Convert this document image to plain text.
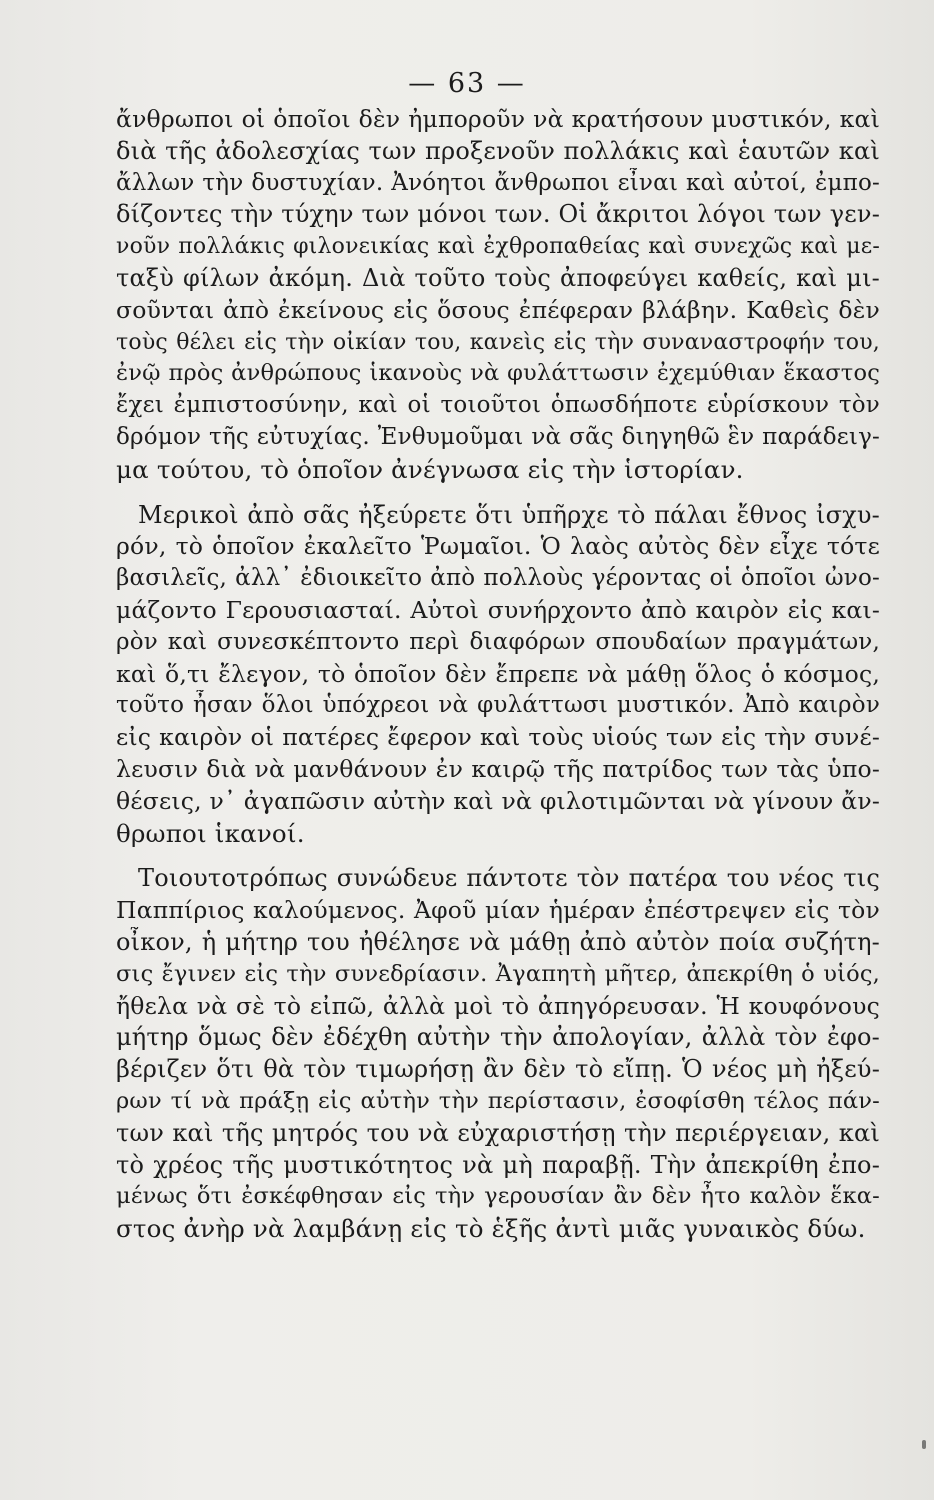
— 63 —
ἄνθρωποι οἱ ὁποῖοι δὲν ἠμποροῦν νὰ κρατήσουν μυστικόν, καὶ
διὰ τῆς ἀδολεσχίας των προξενοῦν πολλάκις καὶ ἑαυτῶν καὶ
ἄλλων τὴν δυστυχίαν. Ἀνόητοι ἄνθρωποι εἶναι καὶ αὐτοί, ἐμπο-
δίζοντες τὴν τύχην των μόνοι των. Οἱ ἄκριτοι λόγοι των γεν-
νοῦν πολλάκις φιλονεικίας καὶ ἐχθροπαθείας καὶ συνεχῶς καὶ με-
ταξὺ φίλων ἀκόμη. Διὰ τοῦτο τοὺς ἀποφεύγει καθείς, καὶ μι-
σοῦνται ἀπὸ ἐκείνους εἰς ὅσους ἐπέφεραν βλάβην. Καθεὶς δὲν
τοὺς θέλει εἰς τὴν οἰκίαν του, κανεὶς εἰς τὴν συναναστροφήν του,
ἐνῷ πρὸς ἀνθρώπους ἱκανοὺς νὰ φυλάττωσιν ἐχεμύθιαν ἕκαστος
ἔχει ἐμπιστοσύνην, καὶ οἱ τοιοῦτοι ὁπωσδήποτε εὑρίσκουν τὸν
δρόμον τῆς εὐτυχίας. Ἐνθυμοῦμαι νὰ σᾶς διηγηθῶ ἓν παράδειγ-
μα τούτου, τὸ ὁποῖον ἀνέγνωσα εἰς τὴν ἱστορίαν.
Μερικοὶ ἀπὸ σᾶς ἠξεύρετε ὅτι ὑπῆρχε τὸ πάλαι ἔθνος ἰσχυ-
ρόν, τὸ ὁποῖον ἐκαλεῖτο Ῥωμαῖοι. Ὁ λαὸς αὐτὸς δὲν εἶχε τότε
βασιλεῖς, ἀλλ᾽ ἐδιοικεῖτο ἀπὸ πολλοὺς γέροντας οἱ ὁποῖοι ὠνο-
μάζοντο Γερουσιασταί. Αὐτοὶ συνήρχοντο ἀπὸ καιρὸν εἰς και-
ρὸν καὶ συνεσκέπτοντο περὶ διαφόρων σπουδαίων πραγμάτων,
καὶ ὅ,τι ἔλεγον, τὸ ὁποῖον δὲν ἔπρεπε νὰ μάθῃ ὅλος ὁ κόσμος,
τοῦτο ἦσαν ὅλοι ὑπόχρεοι νὰ φυλάττωσι μυστικόν. Ἀπὸ καιρὸν
εἰς καιρὸν οἱ πατέρες ἔφερον καὶ τοὺς υἱούς των εἰς τὴν συνέ-
λευσιν διὰ νὰ μανθάνουν ἐν καιρῷ τῆς πατρίδος των τὰς ὑπο-
θέσεις, ν᾽ ἀγαπῶσιν αὐτὴν καὶ νὰ φιλοτιμῶνται νὰ γίνουν ἄν-
θρωποι ἱκανοί.
Τοιουτοτρόπως συνώδευε πάντοτε τὸν πατέρα του νέος τις
Παππίριος καλούμενος. Ἀφοῦ μίαν ἡμέραν ἐπέστρεψεν εἰς τὸν
οἶκον, ἡ μήτηρ του ἠθέλησε νὰ μάθῃ ἀπὸ αὐτὸν ποία συζήτη-
σις ἔγινεν εἰς τὴν συνεδρίασιν. Ἀγαπητὴ μῆτερ, ἀπεκρίθη ὁ υἱός,
ἤθελα νὰ σὲ τὸ εἰπῶ, ἀλλὰ μοὶ τὸ ἀπηγόρευσαν. Ἡ κουφόνους
μήτηρ ὅμως δὲν ἐδέχθη αὐτὴν τὴν ἀπολογίαν, ἀλλὰ τὸν ἐφο-
βέριζεν ὅτι θὰ τὸν τιμωρήσῃ ἂν δὲν τὸ εἴπῃ. Ὁ νέος μὴ ἠξεύ-
ρων τί νὰ πράξῃ εἰς αὐτὴν τὴν περίστασιν, ἐσοφίσθη τέλος πάν-
των καὶ τῆς μητρός του νὰ εὐχαριστήσῃ τὴν περιέργειαν, καὶ
τὸ χρέος τῆς μυστικότητος νὰ μὴ παραβῇ. Τὴν ἀπεκρίθη ἐπο-
μένως ὅτι ἐσκέφθησαν εἰς τὴν γερουσίαν ἂν δὲν ἦτο καλὸν ἕκα-
στος ἀνὴρ νὰ λαμβάνῃ εἰς τὸ ἑξῆς ἀντὶ μιᾶς γυναικὸς δύω.
